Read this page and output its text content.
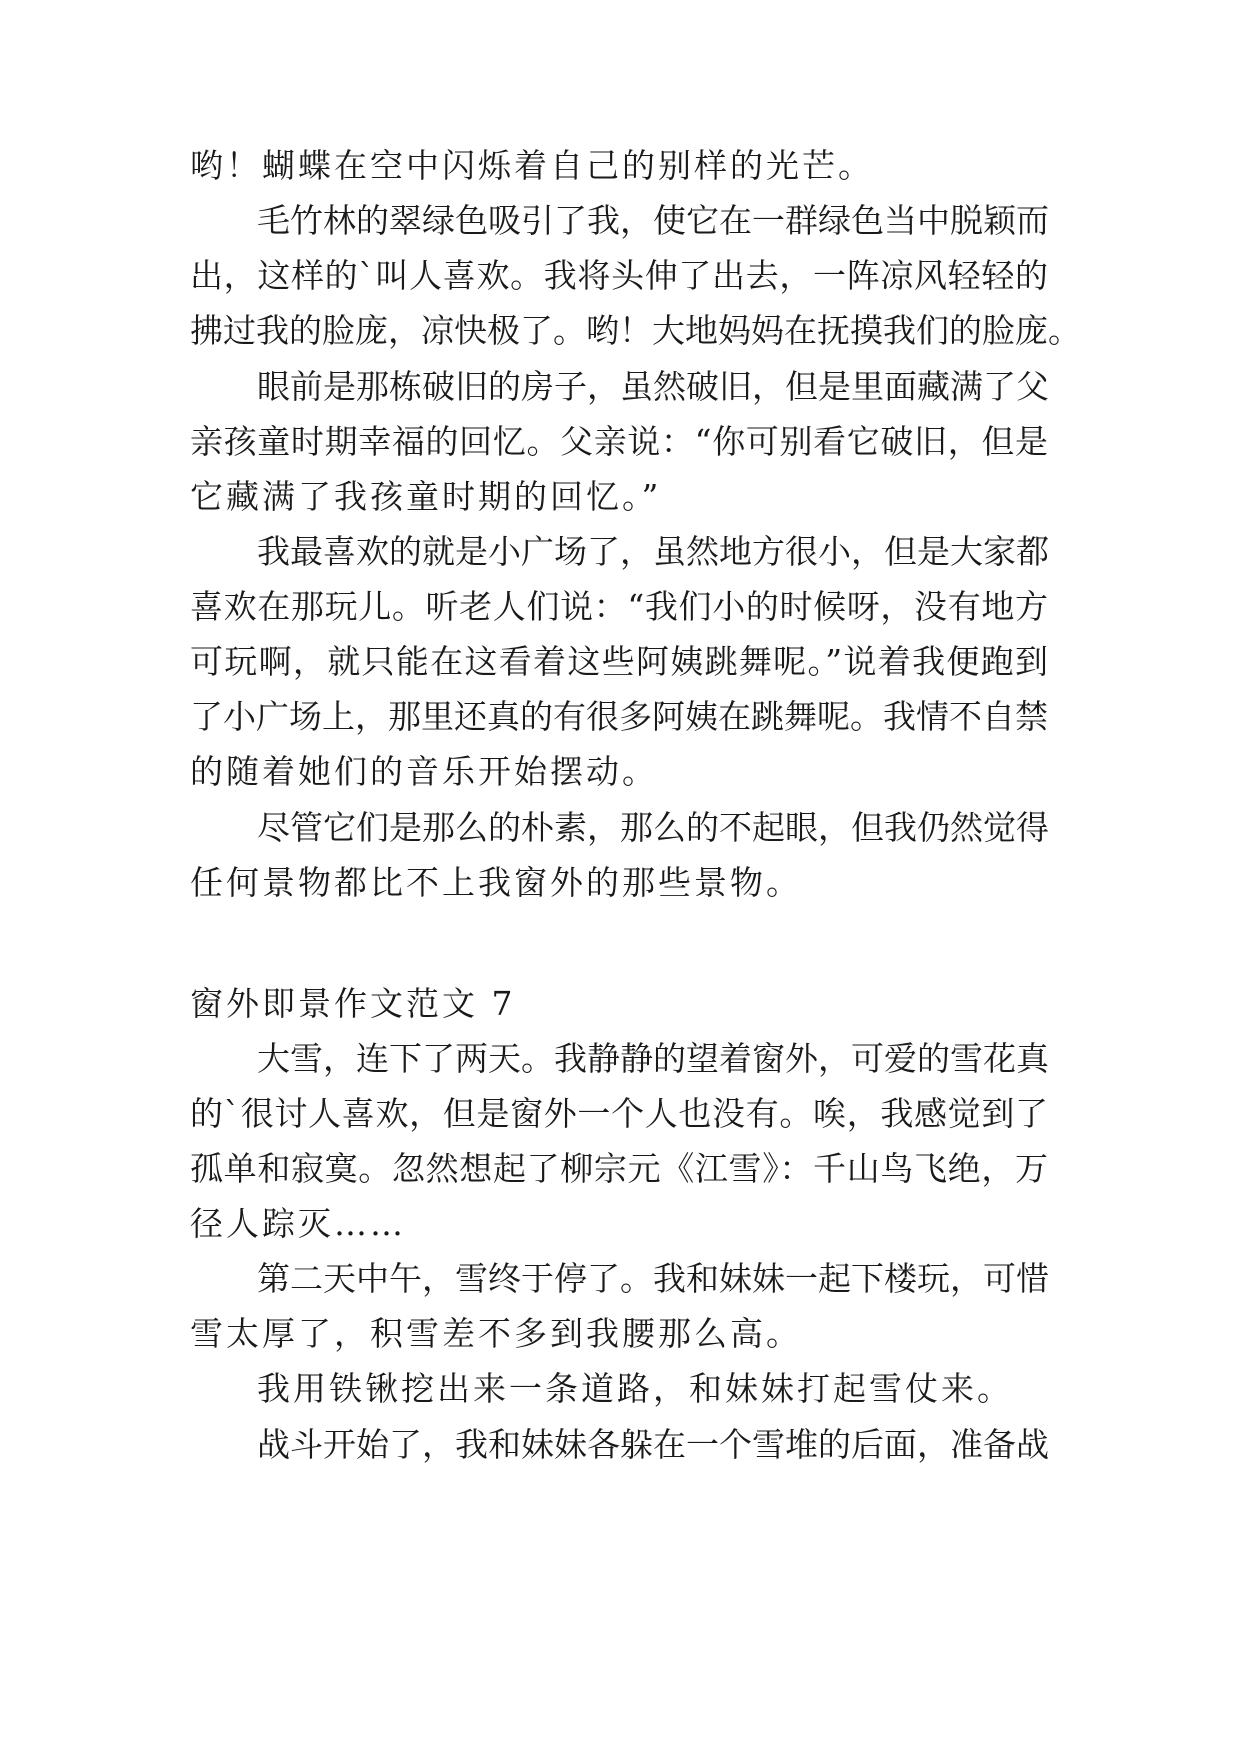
哟！蝴蝶在空中闪烁着自己的别样的光芒。
毛竹林的翠绿色吸引了我，使它在一群绿色当中脱颖而
出，这样的`叫人喜欢。我将头伸了出去，一阵凉风轻轻的
拂过我的脸庞，凉快极了。哟！大地妈妈在抚摸我们的脸庞。
眼前是那栋破旧的房子，虽然破旧，但是里面藏满了父
亲孩童时期幸福的回忆。父亲说：“你可别看它破旧，但是
它藏满了我孩童时期的回忆。”
我最喜欢的就是小广场了，虽然地方很小，但是大家都
喜欢在那玩儿。听老人们说：“我们小的时候呀，没有地方
可玩啊，就只能在这看着这些阿姨跳舞呢。”说着我便跑到
了小广场上，那里还真的有很多阿姨在跳舞呢。我情不自禁
的随着她们的音乐开始摆动。
尽管它们是那么的朴素，那么的不起眼，但我仍然觉得
任何景物都比不上我窗外的那些景物。
窗外即景作文范文 7
大雪，连下了两天。我静静的望着窗外，可爱的雪花真
的`很讨人喜欢，但是窗外一个人也没有。唉，我感觉到了
孤单和寂寞。忽然想起了柳宗元《江雪》：千山鸟飞绝，万
径人踪灭……
第二天中午，雪终于停了。我和妹妹一起下楼玩，可惜
雪太厚了，积雪差不多到我腰那么高。
我用铁锹挖出来一条道路，和妹妹打起雪仗来。
战斗开始了，我和妹妹各躲在一个雪堆的后面，准备战
